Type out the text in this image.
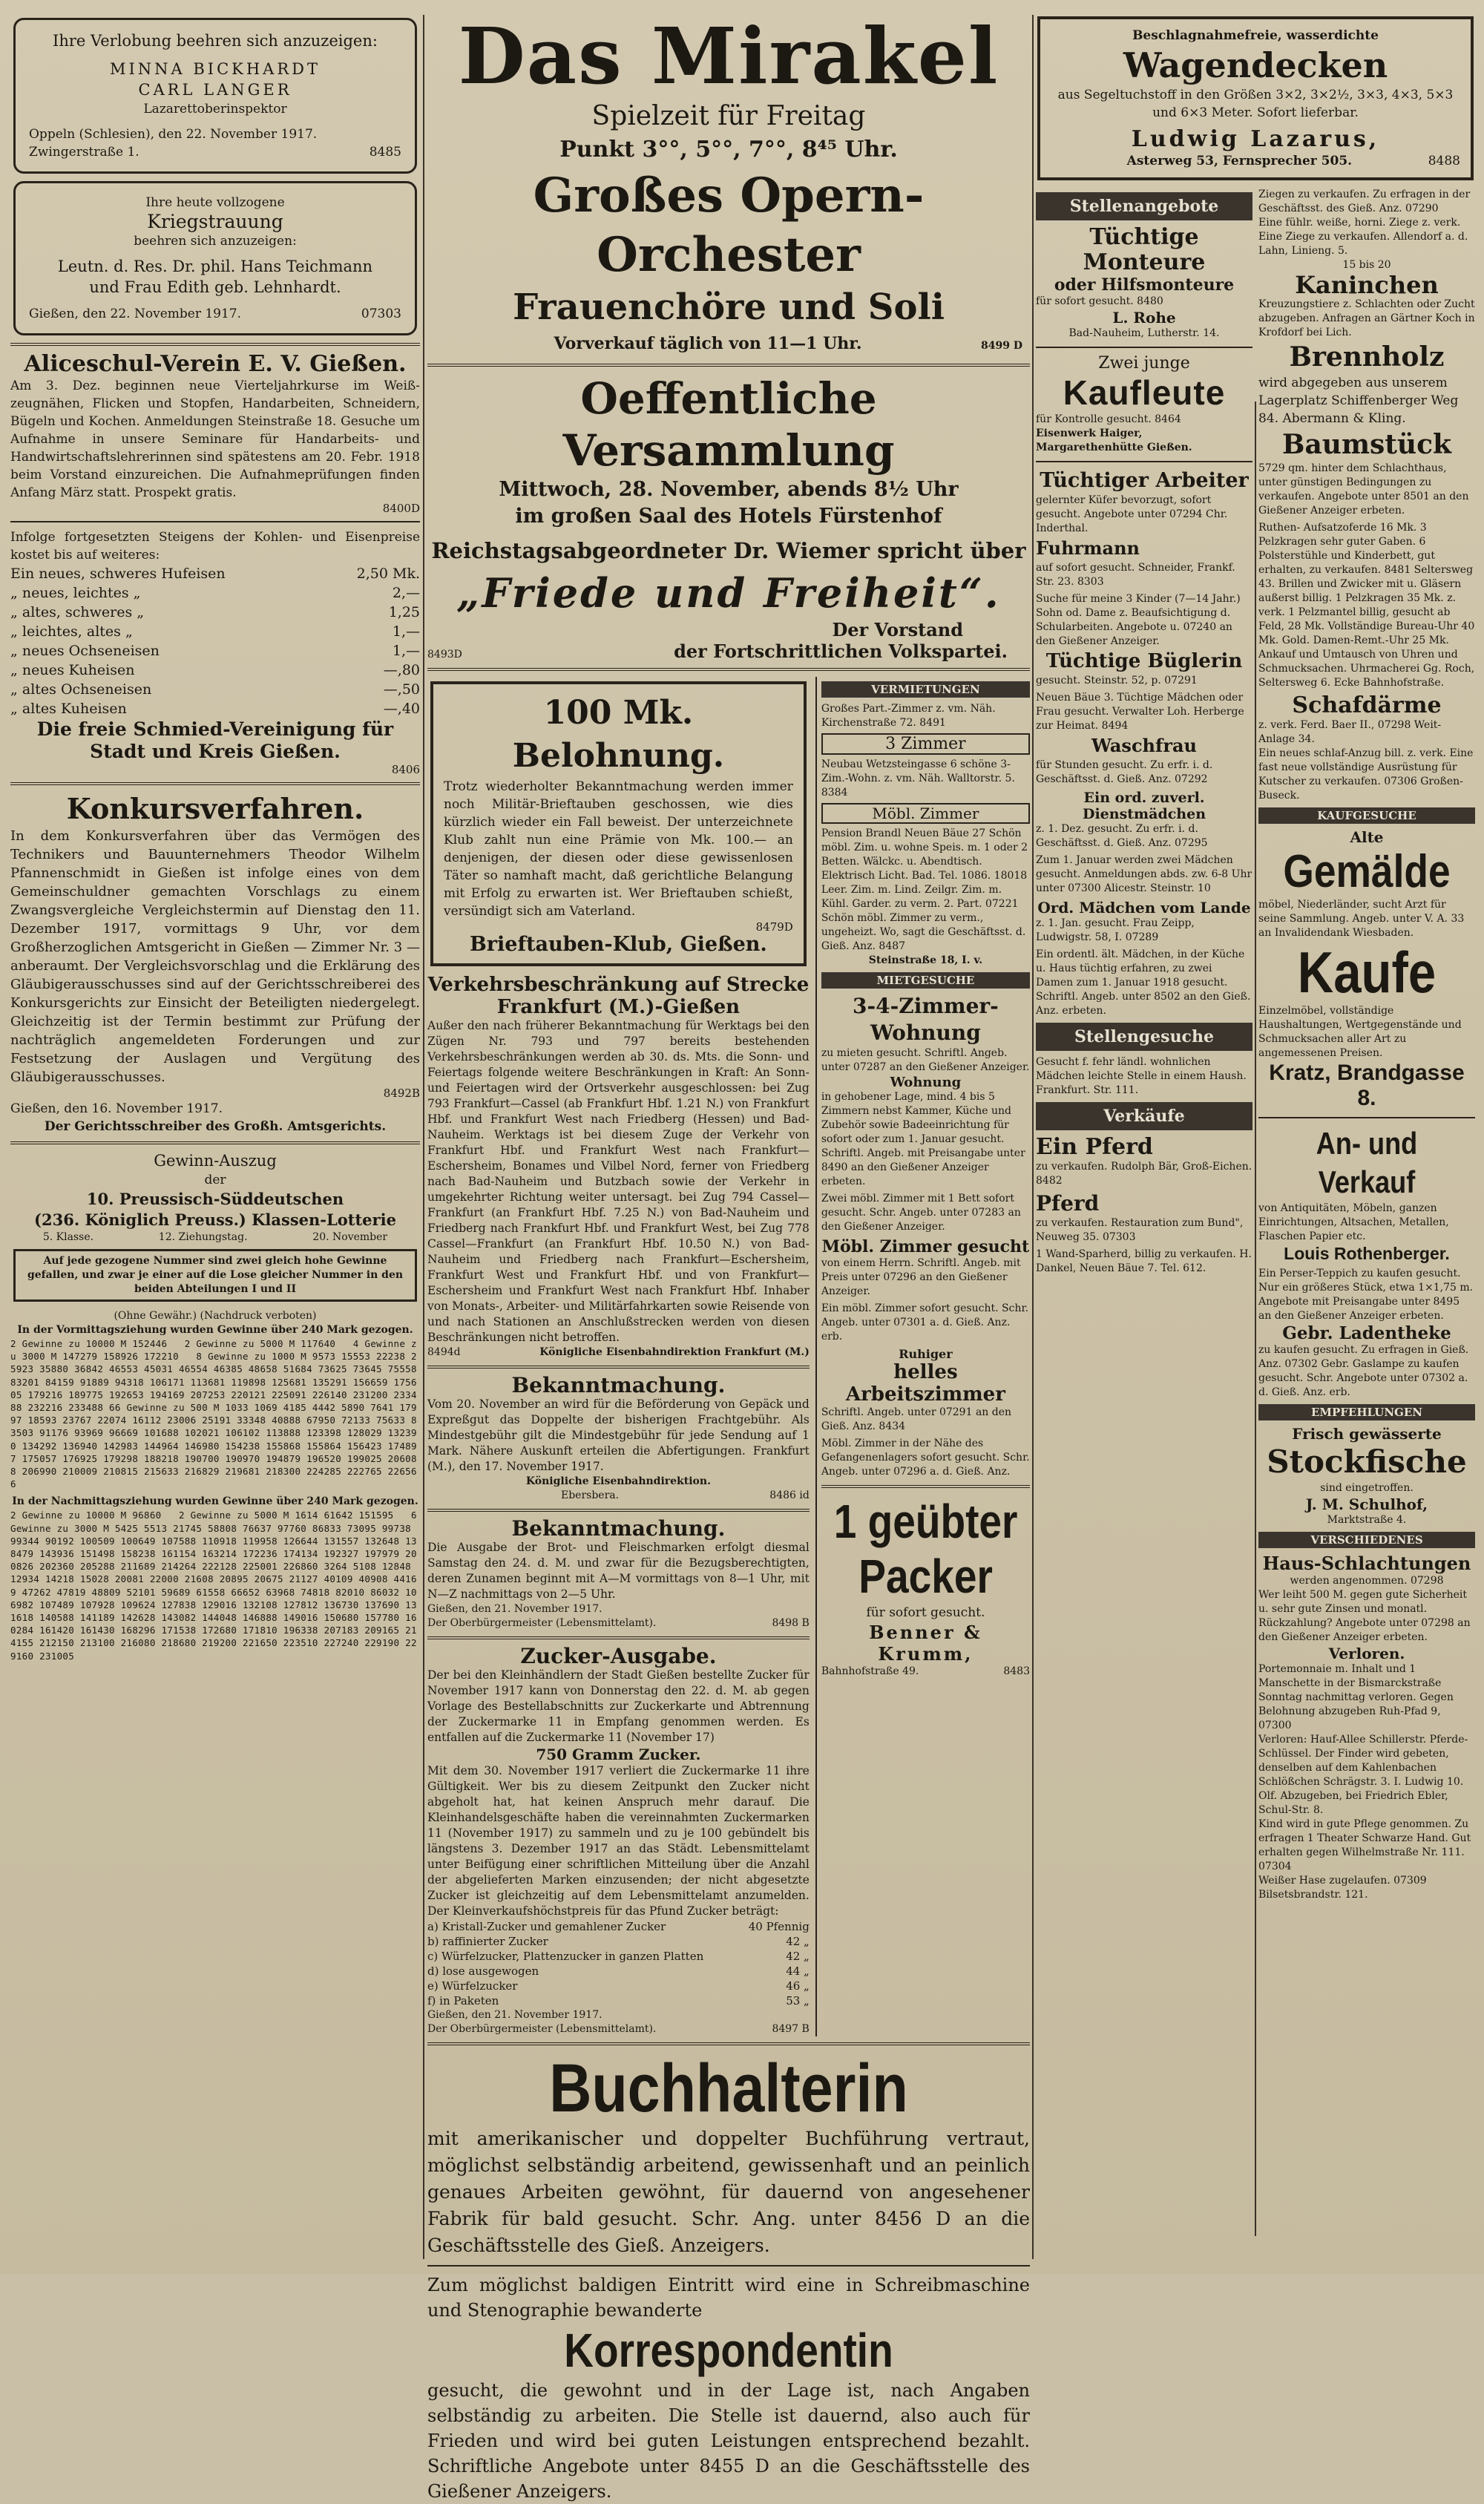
Ihre Verlobung beehren sich anzuzeigen:
MINNA BICKHARDT
CARL LANGER
Lazarettoberinspektor
Oppeln (Schlesien), den 22. November 1917.
Zwingerstraße 1.	8485
Ihre heute vollzogene
Kriegstrauung
beehren sich anzuzeigen:
Leutn. d. Res. Dr. phil. Hans Teichmann
und Frau Edith geb. Lehnhardt.
Gießen, den 22. November 1917.	07303
Aliceschul-Verein E. V. Gießen.
Am 3. Dez. beginnen neue Vierteljahrkurse im Weiß-zeugnähen, Flicken und Stopfen, Handarbeiten, Schneidern, Bügeln und Kochen. Anmeldungen Steinstraße 18. Gesuche um Aufnahme in unsere Seminare für Handarbeits- und Handwirtschaftslehrerinnen sind spätestens am 20. Febr. 1918 beim Vorstand einzureichen. Die Aufnahmeprüfungen finden Anfang März statt. Prospekt gratis.
8400D
Infolge fortgesetzten Steigens der Kohlen- und Eisenpreise kostet bis auf weiteres:
Ein neues, schweres Hufeisen	2,50 Mk.
„ neues, leichtes „	2,—
„ altes, schweres „	1,25
„ leichtes, altes „	1,—
„ neues Ochseneisen	1,—
„ neues Kuheisen	—,80
„ altes Ochseneisen	—,50
„ altes Kuheisen	—,40
Die freie Schmied-Vereinigung für Stadt und Kreis Gießen.
8406
Konkursverfahren.
In dem Konkursverfahren über das Vermögen des Technikers und Bauunternehmers Theodor Wilhelm Pfannenschmidt in Gießen ist infolge eines von dem Gemeinschuldner gemachten Vorschlags zu einem Zwangsvergleiche Vergleichstermin auf Dienstag den 11. Dezember 1917, vormittags 9 Uhr, vor dem Großherzoglichen Amtsgericht in Gießen — Zimmer Nr. 3 — anberaumt. Der Vergleichsvorschlag und die Erklärung des Gläubigerausschusses sind auf der Gerichtsschreiberei des Konkursgerichts zur Einsicht der Beteiligten niedergelegt. Gleichzeitig ist der Termin bestimmt zur Prüfung der nachträglich angemeldeten Forderungen und zur Festsetzung der Auslagen und Vergütung des Gläubigerausschusses.
8492B
Gießen, den 16. November 1917.
Der Gerichtsschreiber des Großh. Amtsgerichts.
Gewinn-Auszug
der
10. Preussisch-Süddeutschen
(236. Königlich Preuss.) Klassen-Lotterie
5. Klasse.	12. Ziehungstag.	20. November
Auf jede gezogene Nummer sind zwei gleich hohe Gewinne gefallen, und zwar je einer auf die Lose gleicher Nummer in den beiden Abteilungen I und II
(Ohne Gewähr.) (Nachdruck verboten)
In der Vormittagsziehung wurden Gewinne über 240 Mark gezogen.
2 Gewinne zu 10000 M 152446   2 Gewinne zu 5000 M 117640   4 Gewinne zu 3000 M 147279 158926 172210   8 Gewinne zu 1000 M 9573 15553 22238 25923 35880 36842 46553 45031 46554 46385 48658 51684 73625 73645 75558 83201 84159 91889 94318 106171 113681 119898 125681 135291 156659 175605 179216 189775 192653 194169 207253 220121 225091 226140 231200 233488 232216 233488 66 Gewinne zu 500 M 1033 1069 4185 4442 5890 7641 17997 18593 23767 22074 16112 23006 25191 33348 40888 67950 72133 75633 83503 91176 93969 96669 101688 102021 106102 113888 123398 128029 132390 134292 136940 142983 144964 146980 154238 155868 155864 156423 174897 175057 176925 179298 188218 190700 190970 194879 196520 199025 206088 206990 210009 210815 215633 216829 219681 218300 224285 222765 226566
In der Nachmittagsziehung wurden Gewinne über 240 Mark gezogen.
2 Gewinne zu 10000 M 96860   2 Gewinne zu 5000 M 1614 61642 151595   6 Gewinne zu 3000 M 5425 5513 21745 58808 76637 97760 86833 73095 99738 99344 90192 100509 100649 107588 110918 119958 126644 131557 132648 138479 143936 151498 158238 161154 163214 172236 174134 192327 197979 200826 202360 205288 211689 214264 222128 225001 226860 3264 5108 12848 12934 14218 15028 20081 22000 21608 20895 20675 21127 40109 40908 44169 47262 47819 48809 52101 59689 61558 66652 63968 74818 82010 86032 106982 107489 107928 109624 127838 129016 132108 127812 136730 137690 131618 140588 141189 142628 143082 144048 146888 149016 150680 157780 160284 161420 161430 168296 171538 172680 171810 196338 207183 209165 214155 212150 213100 216080 218680 219200 221650 223510 227240 229190 229160 231005
Das Mirakel
Spielzeit für Freitag
Punkt 3°°, 5°°, 7°°, 8⁴⁵ Uhr.
Großes Opern-Orchester
Frauenchöre und Soli
Vorverkauf täglich von 11—1 Uhr.	8499 D
Oeffentliche Versammlung
Mittwoch, 28. November, abends 8½ Uhr
im großen Saal des Hotels Fürstenhof
Reichstagsabgeordneter Dr. Wiemer spricht über
„Friede und Freiheit“.
Der Vorstand
8493D	der Fortschrittlichen Volkspartei.
100 Mk. Belohnung.
Trotz wiederholter Bekanntmachung werden immer noch Militär-Brieftauben geschossen, wie dies kürzlich wieder ein Fall beweist. Der unterzeichnete Klub zahlt nun eine Prämie von Mk. 100.— an denjenigen, der diesen oder diese gewissenlosen Täter so namhaft macht, daß gerichtliche Belangung mit Erfolg zu erwarten ist. Wer Brieftauben schießt, versündigt sich am Vaterland.
8479D
Brieftauben-Klub, Gießen.
Verkehrsbeschränkung auf Strecke Frankfurt (M.)-Gießen
Außer den nach früherer Bekanntmachung für Werktags bei den Zügen Nr. 793 und 797 bereits bestehenden Verkehrsbeschränkungen werden ab 30. ds. Mts. die Sonn- und Feiertags folgende weitere Beschränkungen in Kraft: An Sonn- und Feiertagen wird der Ortsverkehr ausgeschlossen: bei Zug 793 Frankfurt—Cassel (ab Frankfurt Hbf. 1.21 N.) von Frankfurt Hbf. und Frankfurt West nach Friedberg (Hessen) und Bad-Nauheim. Werktags ist bei diesem Zuge der Verkehr von Frankfurt Hbf. und Frankfurt West nach Frankfurt—Eschersheim, Bonames und Vilbel Nord, ferner von Friedberg nach Bad-Nauheim und Butzbach sowie der Verkehr in umgekehrter Richtung weiter untersagt. bei Zug 794 Cassel—Frankfurt (an Frankfurt Hbf. 7.25 N.) von Bad-Nauheim und Friedberg nach Frankfurt Hbf. und Frankfurt West, bei Zug 778 Cassel—Frankfurt (an Frankfurt Hbf. 10.50 N.) von Bad-Nauheim und Friedberg nach Frankfurt—Eschersheim, Frankfurt West und Frankfurt Hbf. und von Frankfurt—Eschersheim und Frankfurt West nach Frankfurt Hbf. Inhaber von Monats-, Arbeiter- und Militärfahrkarten sowie Reisende von und nach Stationen an Anschlußstrecken werden von diesen Beschränkungen nicht betroffen.
8494d	Königliche Eisenbahndirektion Frankfurt (M.)
Bekanntmachung.
Vom 20. November an wird für die Beförderung von Gepäck und Expreßgut das Doppelte der bisherigen Frachtgebühr. Als Mindestgebühr gilt die Mindestgebühr für jede Sendung auf 1 Mark. Nähere Auskunft erteilen die Abfertigungen. Frankfurt (M.), den 17. November 1917.
Königliche Eisenbahndirektion.
Ebersbera.	8486 id
Bekanntmachung.
Die Ausgabe der Brot- und Fleischmarken erfolgt diesmal Samstag den 24. d. M. und zwar für die Bezugsberechtigten, deren Zunamen beginnt mit A—M vormittags von 8—1 Uhr, mit N—Z nachmittags von 2—5 Uhr.
Gießen, den 21. November 1917.
Der Oberbürgermeister (Lebensmittelamt).	8498 B
Zucker-Ausgabe.
Der bei den Kleinhändlern der Stadt Gießen bestellte Zucker für November 1917 kann von Donnerstag den 22. d. M. ab gegen Vorlage des Bestellabschnitts zur Zuckerkarte und Abtrennung der Zuckermarke 11 in Empfang genommen werden. Es entfallen auf die Zuckermarke 11 (November 17)
750 Gramm Zucker.
Mit dem 30. November 1917 verliert die Zuckermarke 11 ihre Gültigkeit. Wer bis zu diesem Zeitpunkt den Zucker nicht abgeholt hat, hat keinen Anspruch mehr darauf. Die Kleinhandelsgeschäfte haben die vereinnahmten Zuckermarken 11 (November 1917) zu sammeln und zu je 100 gebündelt bis längstens 3. Dezember 1917 an das Städt. Lebensmittelamt unter Beifügung einer schriftlichen Mitteilung über die Anzahl der abgelieferten Marken einzusenden; der nicht abgesetzte Zucker ist gleichzeitig auf dem Lebensmittelamt anzumelden. Der Kleinverkaufshöchstpreis für das Pfund Zucker beträgt:
a) Kristall-Zucker und gemahlener Zucker	40 Pfennig
b) raffinierter Zucker	42 „
c) Würfelzucker, Plattenzucker in ganzen Platten	42 „
d) lose ausgewogen	44 „
e) Würfelzucker	46 „
f) in Paketen	53 „
Gießen, den 21. November 1917.
Der Oberbürgermeister (Lebensmittelamt).	8497 B
VERMIETUNGEN
Großes Part.-Zimmer z. vm. Näh. Kirchenstraße 72. 8491
3 Zimmer
Neubau Wetzsteingasse 6 schöne 3-Zim.-Wohn. z. vm. Näh. Walltorstr. 5. 8384
Möbl. Zimmer
Pension Brandl Neuen Bäue 27 Schön möbl. Zim. u. wohne Speis. m. 1 oder 2 Betten. Wälckc. u. Abendtisch. Elektrisch Licht. Bad. Tel. 1086. 18018
Leer. Zim. m. Lind. Zeilgr. Zim. m. Kühl. Garder. zu verm. 2. Part. 07221
Schön möbl. Zimmer zu verm., ungeheizt. Wo, sagt die Geschäftsst. d. Gieß. Anz. 8487
Steinstraße 18, I. v.
MIETGESUCHE
3-4-Zimmer-Wohnung
zu mieten gesucht. Schriftl. Angeb. unter 07287 an den Gießener Anzeiger.
Wohnung
in gehobener Lage, mind. 4 bis 5 Zimmern nebst Kammer, Küche und Zubehör sowie Badeeinrichtung für sofort oder zum 1. Januar gesucht. Schriftl. Angeb. mit Preisangabe unter 8490 an den Gießener Anzeiger erbeten.
Zwei möbl. Zimmer mit 1 Bett sofort gesucht. Schr. Angeb. unter 07283 an den Gießener Anzeiger.
Möbl. Zimmer gesucht
von einem Herrn. Schriftl. Angeb. mit Preis unter 07296 an den Gießener Anzeiger.
Ein möbl. Zimmer sofort gesucht. Schr. Angeb. unter 07301 a. d. Gieß. Anz. erb.
Ruhiger
helles Arbeitszimmer
Schriftl. Angeb. unter 07291 an den Gieß. Anz. 8434
Möbl. Zimmer in der Nähe des Gefangenenlagers sofort gesucht. Schr. Angeb. unter 07296 a. d. Gieß. Anz.
1 geübter Packer
für sofort gesucht.
Benner & Krumm,
Bahnhofstraße 49.	8483
Buchhalterin
mit amerikanischer und doppelter Buchführung vertraut, möglichst selbständig arbeitend, gewissenhaft und an peinlich genaues Arbeiten gewöhnt, für dauernd von angesehener Fabrik für bald gesucht. Schr. Ang. unter 8456 D an die Geschäftsstelle des Gieß. Anzeigers.
Zum möglichst baldigen Eintritt wird eine in Schreibmaschine und Stenographie bewanderte
Korrespondentin
gesucht, die gewohnt und in der Lage ist, nach Angaben selbständig zu arbeiten. Die Stelle ist dauernd, also auch für Frieden und wird bei guten Leistungen entsprechend bezahlt. Schriftliche Angebote unter 8455 D an die Geschäftsstelle des Gießener Anzeigers.
Beschlagnahmefreie, wasserdichte
Wagendecken
aus Segeltuchstoff in den Größen 3×2, 3×2½, 3×3, 4×3, 5×3 und 6×3 Meter. Sofort lieferbar.
Ludwig Lazarus,
Asterweg 53, Fernsprecher 505.	8488
Stellenangebote
Tüchtige Monteure
oder Hilfsmonteure
für sofort gesucht. 8480
L. Rohe
Bad-Nauheim, Lutherstr. 14.
Zwei junge
Kaufleute
für Kontrolle gesucht. 8464
Eisenwerk Haiger, Margarethenhütte Gießen.
Tüchtiger Arbeiter
gelernter Küfer bevorzugt, sofort gesucht. Angebote unter 07294 Chr. Inderthal.
Fuhrmann
auf sofort gesucht. Schneider, Frankf. Str. 23. 8303
Suche für meine 3 Kinder (7—14 Jahr.) Sohn od. Dame z. Beaufsichtigung d. Schularbeiten. Angebote u. 07240 an den Gießener Anzeiger.
Tüchtige Büglerin
gesucht. Steinstr. 52, p. 07291
Neuen Bäue 3. Tüchtige Mädchen oder Frau gesucht. Verwalter Loh. Herberge zur Heimat. 8494
Waschfrau
für Stunden gesucht. Zu erfr. i. d. Geschäftsst. d. Gieß. Anz. 07292
Ein ord. zuverl. Dienstmädchen
z. 1. Dez. gesucht. Zu erfr. i. d. Geschäftsst. d. Gieß. Anz. 07295
Zum 1. Januar werden zwei Mädchen gesucht. Anmeldungen abds. zw. 6-8 Uhr unter 07300 Alicestr. Steinstr. 10
Ord. Mädchen vom Lande
z. 1. Jan. gesucht. Frau Zeipp, Ludwigstr. 58, I. 07289
Ein ordentl. ält. Mädchen, in der Küche u. Haus tüchtig erfahren, zu zwei Damen zum 1. Januar 1918 gesucht. Schriftl. Angeb. unter 8502 an den Gieß. Anz. erbeten.
Stellengesuche
Gesucht f. fehr ländl. wohnlichen Mädchen leichte Stelle in einem Haush. Frankfurt. Str. 111.
Verkäufe
Ein Pferd
zu verkaufen. Rudolph Bär, Groß-Eichen. 8482
Pferd
zu verkaufen. Restauration zum Bund", Neuweg 35. 07303
1 Wand-Sparherd, billig zu verkaufen. H. Dankel, Neuen Bäue 7. Tel. 612.
Ziegen zu verkaufen. Zu erfragen in der Geschäftsst. des Gieß. Anz. 07290
Eine fühlr. weiße, horni. Ziege z. verk. Eine Ziege zu verkaufen. Allendorf a. d. Lahn, Linieng. 5.
15 bis 20
Kaninchen
Kreuzungstiere z. Schlachten oder Zucht abzugeben. Anfragen an Gärtner Koch in Krofdorf bei Lich.
Brennholz
wird abgegeben aus unserem Lagerplatz Schiffenberger Weg 84. Abermann & Kling.
Baumstück
5729 qm. hinter dem Schlachthaus, unter günstigen Bedingungen zu verkaufen. Angebote unter 8501 an den Gießener Anzeiger erbeten.
Ruthen- Aufsatzoferde 16 Mk. 3 Pelzkragen sehr guter Gaben. 6 Polsterstühle und Kinderbett, gut erhalten, zu verkaufen. 8481 Seltersweg 43. Brillen und Zwicker mit u. Gläsern außerst billig. 1 Pelzkragen 35 Mk. z. verk. 1 Pelzmantel billig, gesucht ab Feld, 28 Mk. Vollständige Bureau-Uhr 40 Mk. Gold. Damen-Remt.-Uhr 25 Mk. Ankauf und Umtausch von Uhren und Schmucksachen. Uhrmacherei Gg. Roch, Seltersweg 6. Ecke Bahnhofstraße.
Schafdärme
z. verk. Ferd. Baer II., 07298 Weit-Anlage 34.
Ein neues schlaf-Anzug bill. z. verk. Eine fast neue vollständige Ausrüstung für Kutscher zu verkaufen. 07306 Großen-Buseck.
KAUFGESUCHE
Alte
Gemälde
möbel, Niederländer, sucht Arzt für seine Sammlung. Angeb. unter V. A. 33 an Invalidendank Wiesbaden.
Kaufe
Einzelmöbel, vollständige Haushaltungen, Wertgegenstände und Schmucksachen aller Art zu angemessenen Preisen.
Kratz, Brandgasse 8.
An- und Verkauf
von Antiquitäten, Möbeln, ganzen Einrichtungen, Altsachen, Metallen, Flaschen Papier etc.
Louis Rothenberger.
Ein Perser-Teppich zu kaufen gesucht. Nur ein größeres Stück, etwa 1×1,75 m. Angebote mit Preisangabe unter 8495 an den Gießener Anzeiger erbeten.
Gebr. Ladentheke
zu kaufen gesucht. Zu erfragen in Gieß. Anz. 07302 Gebr. Gaslampe zu kaufen gesucht. Schr. Angebote unter 07302 a. d. Gieß. Anz. erb.
EMPFEHLUNGEN
Frisch gewässerte
Stockfische
sind eingetroffen.
J. M. Schulhof,
Marktstraße 4.
VERSCHIEDENES
Haus-Schlachtungen
werden angenommen. 07298
Wer leiht 500 M. gegen gute Sicherheit u. sehr gute Zinsen und monatl. Rückzahlung? Angebote unter 07298 an den Gießener Anzeiger erbeten.
Verloren.
Portemonnaie m. Inhalt und 1 Manschette in der Bismarckstraße Sonntag nachmittag verloren. Gegen Belohnung abzugeben Ruh-Pfad 9, 07300
Verloren: Hauf-Allee Schillerstr. Pferde-Schlüssel. Der Finder wird gebeten, denselben auf dem Kahlenbachen Schlößchen Schrägstr. 3. I. Ludwig 10. Olf. Abzugeben, bei Friedrich Ebler, Schul-Str. 8.
Kind wird in gute Pflege genommen. Zu erfragen 1 Theater Schwarze Hand. Gut erhalten gegen Wilhelmstraße Nr. 111. 07304
Weißer Hase zugelaufen. 07309 Bilsetsbrandstr. 121.
